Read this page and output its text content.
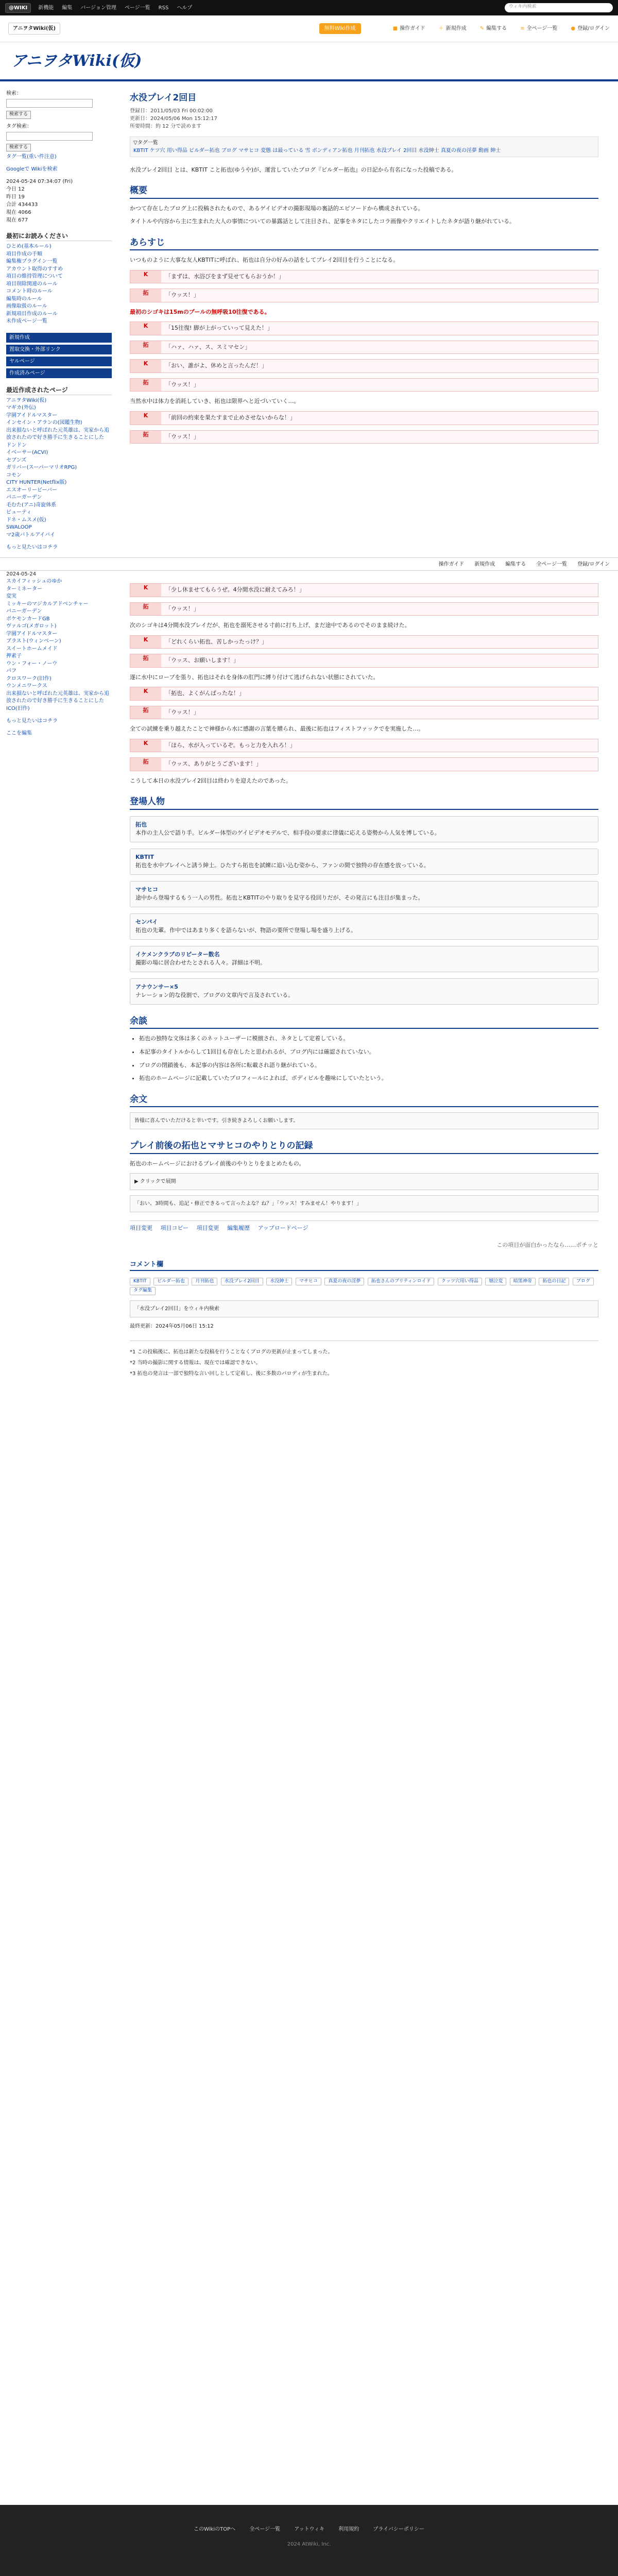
@WIKI	新機能 編集 バージョン管理 ページ一覧 RSS ヘルプ	ウィキ内検索
アニヲタWiki(仮)	無料Wiki作成	■ 操作ガイド	＋ 新規作成	✎ 編集する	≡ 全ページ一覧	● 登録/ログイン
アニヲタWiki(仮)
検索：
検索する
タグ検索：
検索する
タグ一覧(重い件注意)
Googleで Wikiを検索
2024-05-24 07:34:07 (Fri)
今日 12
昨日 19
合計 434433
現在 4066
現在 677
最初にお読みください
ひとめ(基本ルール)
項目作成の手順
編集権プラグイン一覧
アカウント取得のすすめ
項目の維持管理について
項目削除関連のルール
コメント時のルール
編集時のルール
画像取扱のルール
新規項目作成のルール
未作成ページ一覧
新規作成
置取交換・外部リンク
ヤルページ
作成済みページ
最近作成されたページ
アニヲタWiki(仮)
マギカ(外伝)
学園アイドルマスター
インセイン・アランの(図鑑生物)
出来損ないと呼ばれた元英雄は、実家から追放されたので好き勝手に生きることにした
ドンドン
イベーサー(ACVI)
セブンズ
ガリバー(スーパーマリオRPG)
コモン
CITY HUNTER(Netflix版)
エスオーリービーバー
パニーガーデン
毛むた(アニ)奇旋体系
ビューティ
ドネ・ムスメ(仮)
SWALOOP
マ2歳バトルアイバイ
もっと見たいはコチラ
2024-05-24
スカイフィッシュのゆか
ターミネーター
変実
ミッキーのマジカルアドベンチャー
パニーガーデン
ポケモンカードGB
ヴァルゴ(メガロット)
学園アイドルマスター
ブラスト(ウィンベーン)
スイートホームメイド
押素子
ウン・フォー・ノーウ
パフ
クロスワーク(旧作)
ウンメニワークス
出来損ないと呼ばれた元英雄は、実家から追放されたので好き勝手に生きることにした
ICO(旧作)
もっと見たいはコチラ
ここを編集
水没プレイ2回目
登録日：2011/05/03 Fri 00:02:00
更新日：2024/05/06 Mon 15:12:17
所要時間：約 12 分で読めます
▽タグ一覧
KBTIT ケツ穴 用い得品 ビルダー拓也 ブログ マサヒコ 変態 は最っている 雪 ボンディアン拓也 月刊拓也 水没プレイ 2回目 水没紳士 真夏の夜の淫夢 動画 紳士
水没プレイ2回目 とは、KBTIT こと拓也(ゆうや)が、運営していたブログ『ビルダー拓也』の日記から有名になった投稿である。
概要
かつて存在したブログ上に投稿されたもので、あるゲイビデオの撮影現場の裏話的エピソードから構成されている。
タイトルや内容から主に生まれた大人の事情についての暴露話として注目され、記事をネタにしたコラ画像やクリエイトしたネタが語り継がれている。
あらすじ
いつものように大事な友人KBTITに呼ばれ、拓也は自分の好みの話をしてプレイ2回目を行うことになる。
K	「まずは、水浴びをまず見せてもらおうか！」
拓	「ウッス！」
最初のシゴキは15mのプールの無呼吸10往復である。
K	「15往復! 脚が上がっていって見えた！」
拓	「ハァ、ハァ、ス、スミマセン」
K	「おい、誰がよ、休めと言ったんだ！」
拓	「ウッス！」
当然水中は体力を消耗していき、拓也は限界へと近づいていく…。
K	「前回の約束を果たすまで止めさせないからな！」
拓	「ウッス！」
操作ガイド 新規作成 編集する 全ページ一覧 登録/ログイン
K	「少し休ませてもらうぜ。4分間水没に耐えてみろ！」
拓	「ウッス！」
次のシゴキは4分間水没プレイだが、拓也を溺死させる寸前に打ち上げ、まだ途中であるのでそのまま続けた。
K	「どれくらい拓也、苦しかったっけ？」
拓	「ウッス、お願いします！」
遂に水中にロープを張り、拓也はそれを身体の肛門に縛り付けて逃げられない状態にされていた。
K	「拓也、よくがんばったな！」
拓	「ウッス！」
全ての試練を乗り越えたことで神様から水に感謝の言葉を贈られ、最後に拓也はフィストファックでを実施した…。
K	「ほら、水が入っているぞ。もっと力を入れろ！」
拓	「ウッス、ありがとうございます！」
こうして本日の水没プレイ2回目は終わりを迎えたのであった。
登場人物
拓也
本作の主人公で語り手。ビルダー体型のゲイビデオモデルで、相手役の要求に律儀に応える姿勢から人気を博している。
KBTIT
拓也を水中プレイへと誘う紳士。ひたすら拓也を試練に追い込む姿から、ファンの間で独特の存在感を放っている。
マサヒコ
途中から登場するもう一人の男性。拓也とKBTITのやり取りを見守る役回りだが、その発言にも注目が集まった。
センパイ
拓也の先輩。作中ではあまり多くを語らないが、物語の要所で登場し場を盛り上げる。
イケメンクラブのリピーター数名
撮影の場に居合わせたとされる人々。詳細は不明。
アナウンサー×5
ナレーション的な役割で、ブログの文章内で言及されている。
余談
• 拓也の独特な文体は多くのネットユーザーに模倣され、ネタとして定着している。
• 本記事のタイトルからして1回目も存在したと思われるが、ブログ内には確認されていない。
• ブログの閉鎖後も、本記事の内容は各所に転載され語り継がれている。
• 拓也のホームページに記載していたプロフィールによれば、ボディビルを趣味にしていたという。
余文
皆様に喜んでいただけると幸いです。引き続きよろしくお願いします。
プレイ前後の拓也とマサヒコのやりとりの記録
拓也のホームページにおけるプレイ前後のやりとりをまとめたもの。
▶ クリックで展開
「おい、3時間も、追記・修正できるって言ったよな？ね？」「ウッス！すみません！やります！」
項目変更 項目コピー 項目変更 編集履歴 アップロードページ
この項目が面白かったなら……ポチッと
コメント欄
KBTIT ビルダー拓也 月刊拓也 水没プレイ2回目 水没紳士 マサヒコ 真夏の夜の淫夢 拓也さんのブリティンロイド クッツ穴用い得品 嬉泣変 暗黒神帝 拓也の日記 ブログ タグ編集
「水没プレイ2回目」をウィキ内検索
最終更新：2024年05月06日 15:12
*1 この投稿後に、拓也は新たな投稿を行うことなくブログの更新が止まってしまった。
*2 当時の撮影に関する情報は、現在では確認できない。
*3 拓也の発言は一部で独特な言い回しとして定着し、後に多数のパロディが生まれた。
このWikiのTOPへ	全ページ一覧	アットウィキ	利用規約	プライバシーポリシー
2024 AtWiki, Inc.
